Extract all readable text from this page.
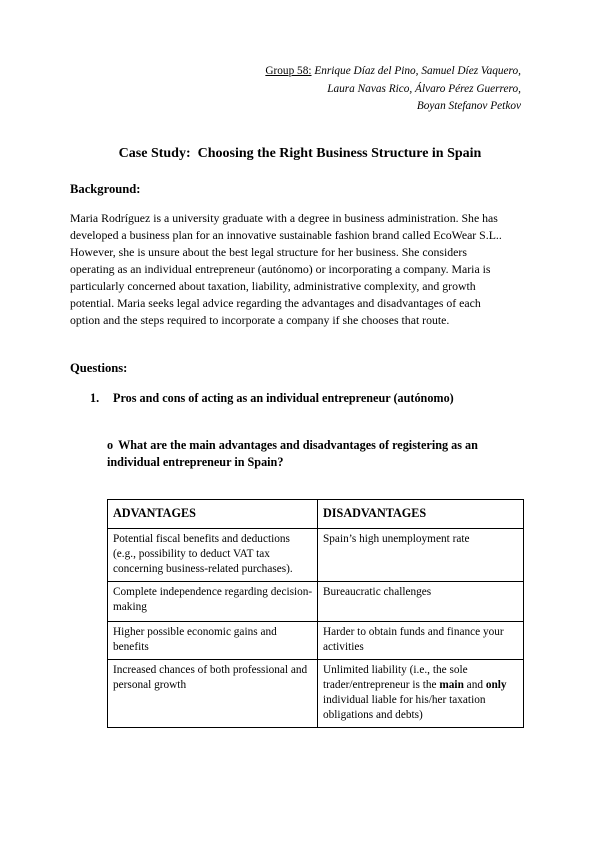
Group 58: Enrique Díaz del Pino, Samuel Díez Vaquero,
Laura Navas Rico, Álvaro Pérez Guerrero,
Boyan Stefanov Petkov
Case Study:  Choosing the Right Business Structure in Spain
Background:
Maria Rodríguez is a university graduate with a degree in business administration. She has
developed a business plan for an innovative sustainable fashion brand called EcoWear S.L..
However, she is unsure about the best legal structure for her business. She considers
operating as an individual entrepreneur (autónomo) or incorporating a company. Maria is
particularly concerned about taxation, liability, administrative complexity, and growth
potential. Maria seeks legal advice regarding the advantages and disadvantages of each
option and the steps required to incorporate a company if she chooses that route.
Questions:
1. Pros and cons of acting as an individual entrepreneur (autónomo)
o What are the main advantages and disadvantages of registering as an
individual entrepreneur in Spain?
ADVANTAGES	DISADVANTAGES
Potential fiscal benefits and deductions (e.g., possibility to deduct VAT tax concerning business-related purchases).	Spain’s high unemployment rate
Complete independence regarding decision-making	Bureaucratic challenges
Higher possible economic gains and benefits	Harder to obtain funds and finance your activities
Increased chances of both professional and personal growth	Unlimited liability (i.e., the sole trader/entrepreneur is the main and only individual liable for his/her taxation obligations and debts)
